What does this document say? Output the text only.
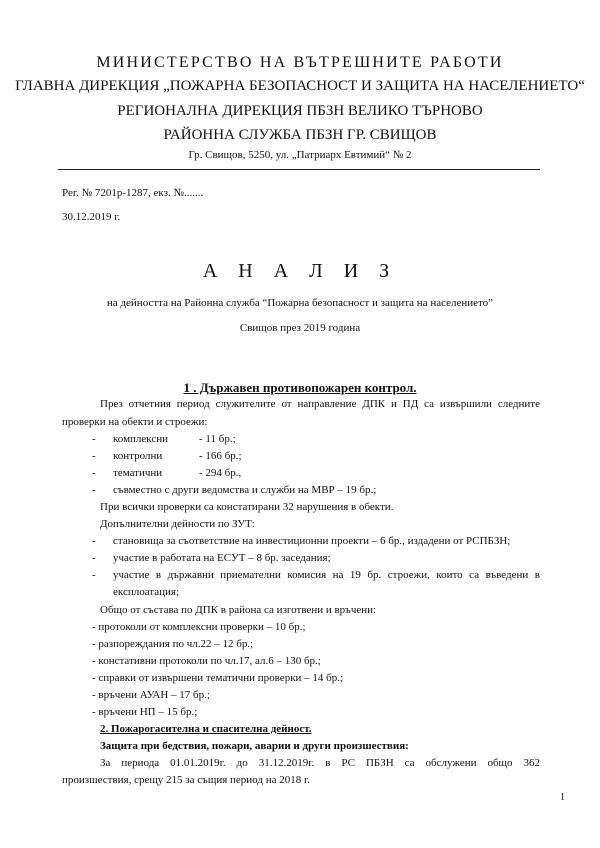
МИНИСТЕРСТВО НА ВЪТРЕШНИТЕ РАБОТИ
ГЛАВНА ДИРЕКЦИЯ „ПОЖАРНА БЕЗОПАСНОСТ И ЗАЩИТА НА НАСЕЛЕНИЕТО“
РЕГИОНАЛНА ДИРЕКЦИЯ ПБЗН ВЕЛИКО ТЪРНОВО
РАЙОННА СЛУЖБА ПБЗН ГР. СВИЩОВ
Гр. Свищов, 5250, ул. „Патриарх Евтимий“ № 2
Рег. № 7201р-1287, екз. №.......
30.12.2019 г.
А Н А Л И З
на дейността на Районна служба “Пожарна безопасност и защита на населението”
Свищов през 2019 година
1 . Държавен противопожарен контрол.
През отчетния период служителите от направление ДПК и ПД са извършили следните
проверки на обекти и строежи:
- комплексни	- 11 бр.;
- контролни	- 166 бр.;
- тематични	- 294 бр.,
- съвместно с други ведомства и служби на МВР – 19 бр.;
При всички проверки са констатирани 32 нарушения в обекти.
Допълнителни дейности по ЗУТ:
- становища за съответствие на инвестиционни проекти – 6 бр., издадени от РСПБЗН;
- участие в работата на ЕСУТ – 8 бр. заседания;
- участие в държавни приемателни комисия на 19 бр. строежи, които са въведени в
експлоатация;
Общо от състава по ДПК в района са изготвени и връчени:
- протоколи от комплексни проверки – 10 бр.;
- разпореждания по чл.22 – 12 бр.;
- констативни протоколи по чл.17, ал.6 – 130 бр.;
- справки от извършени тематични проверки – 14 бр.;
- връчени АУАН – 17 бр.;
- връчени НП – 15 бр.;
2. Пожарогасителна и спасителна дейност.
Защита при бедствия, пожари, аварии и други произшествия:
За периода 01.01.2019г. до 31.12.2019г. в РС ПБЗН са обслужени общо 362
произшествия, срещу 215 за същия период на 2018 г.
1
